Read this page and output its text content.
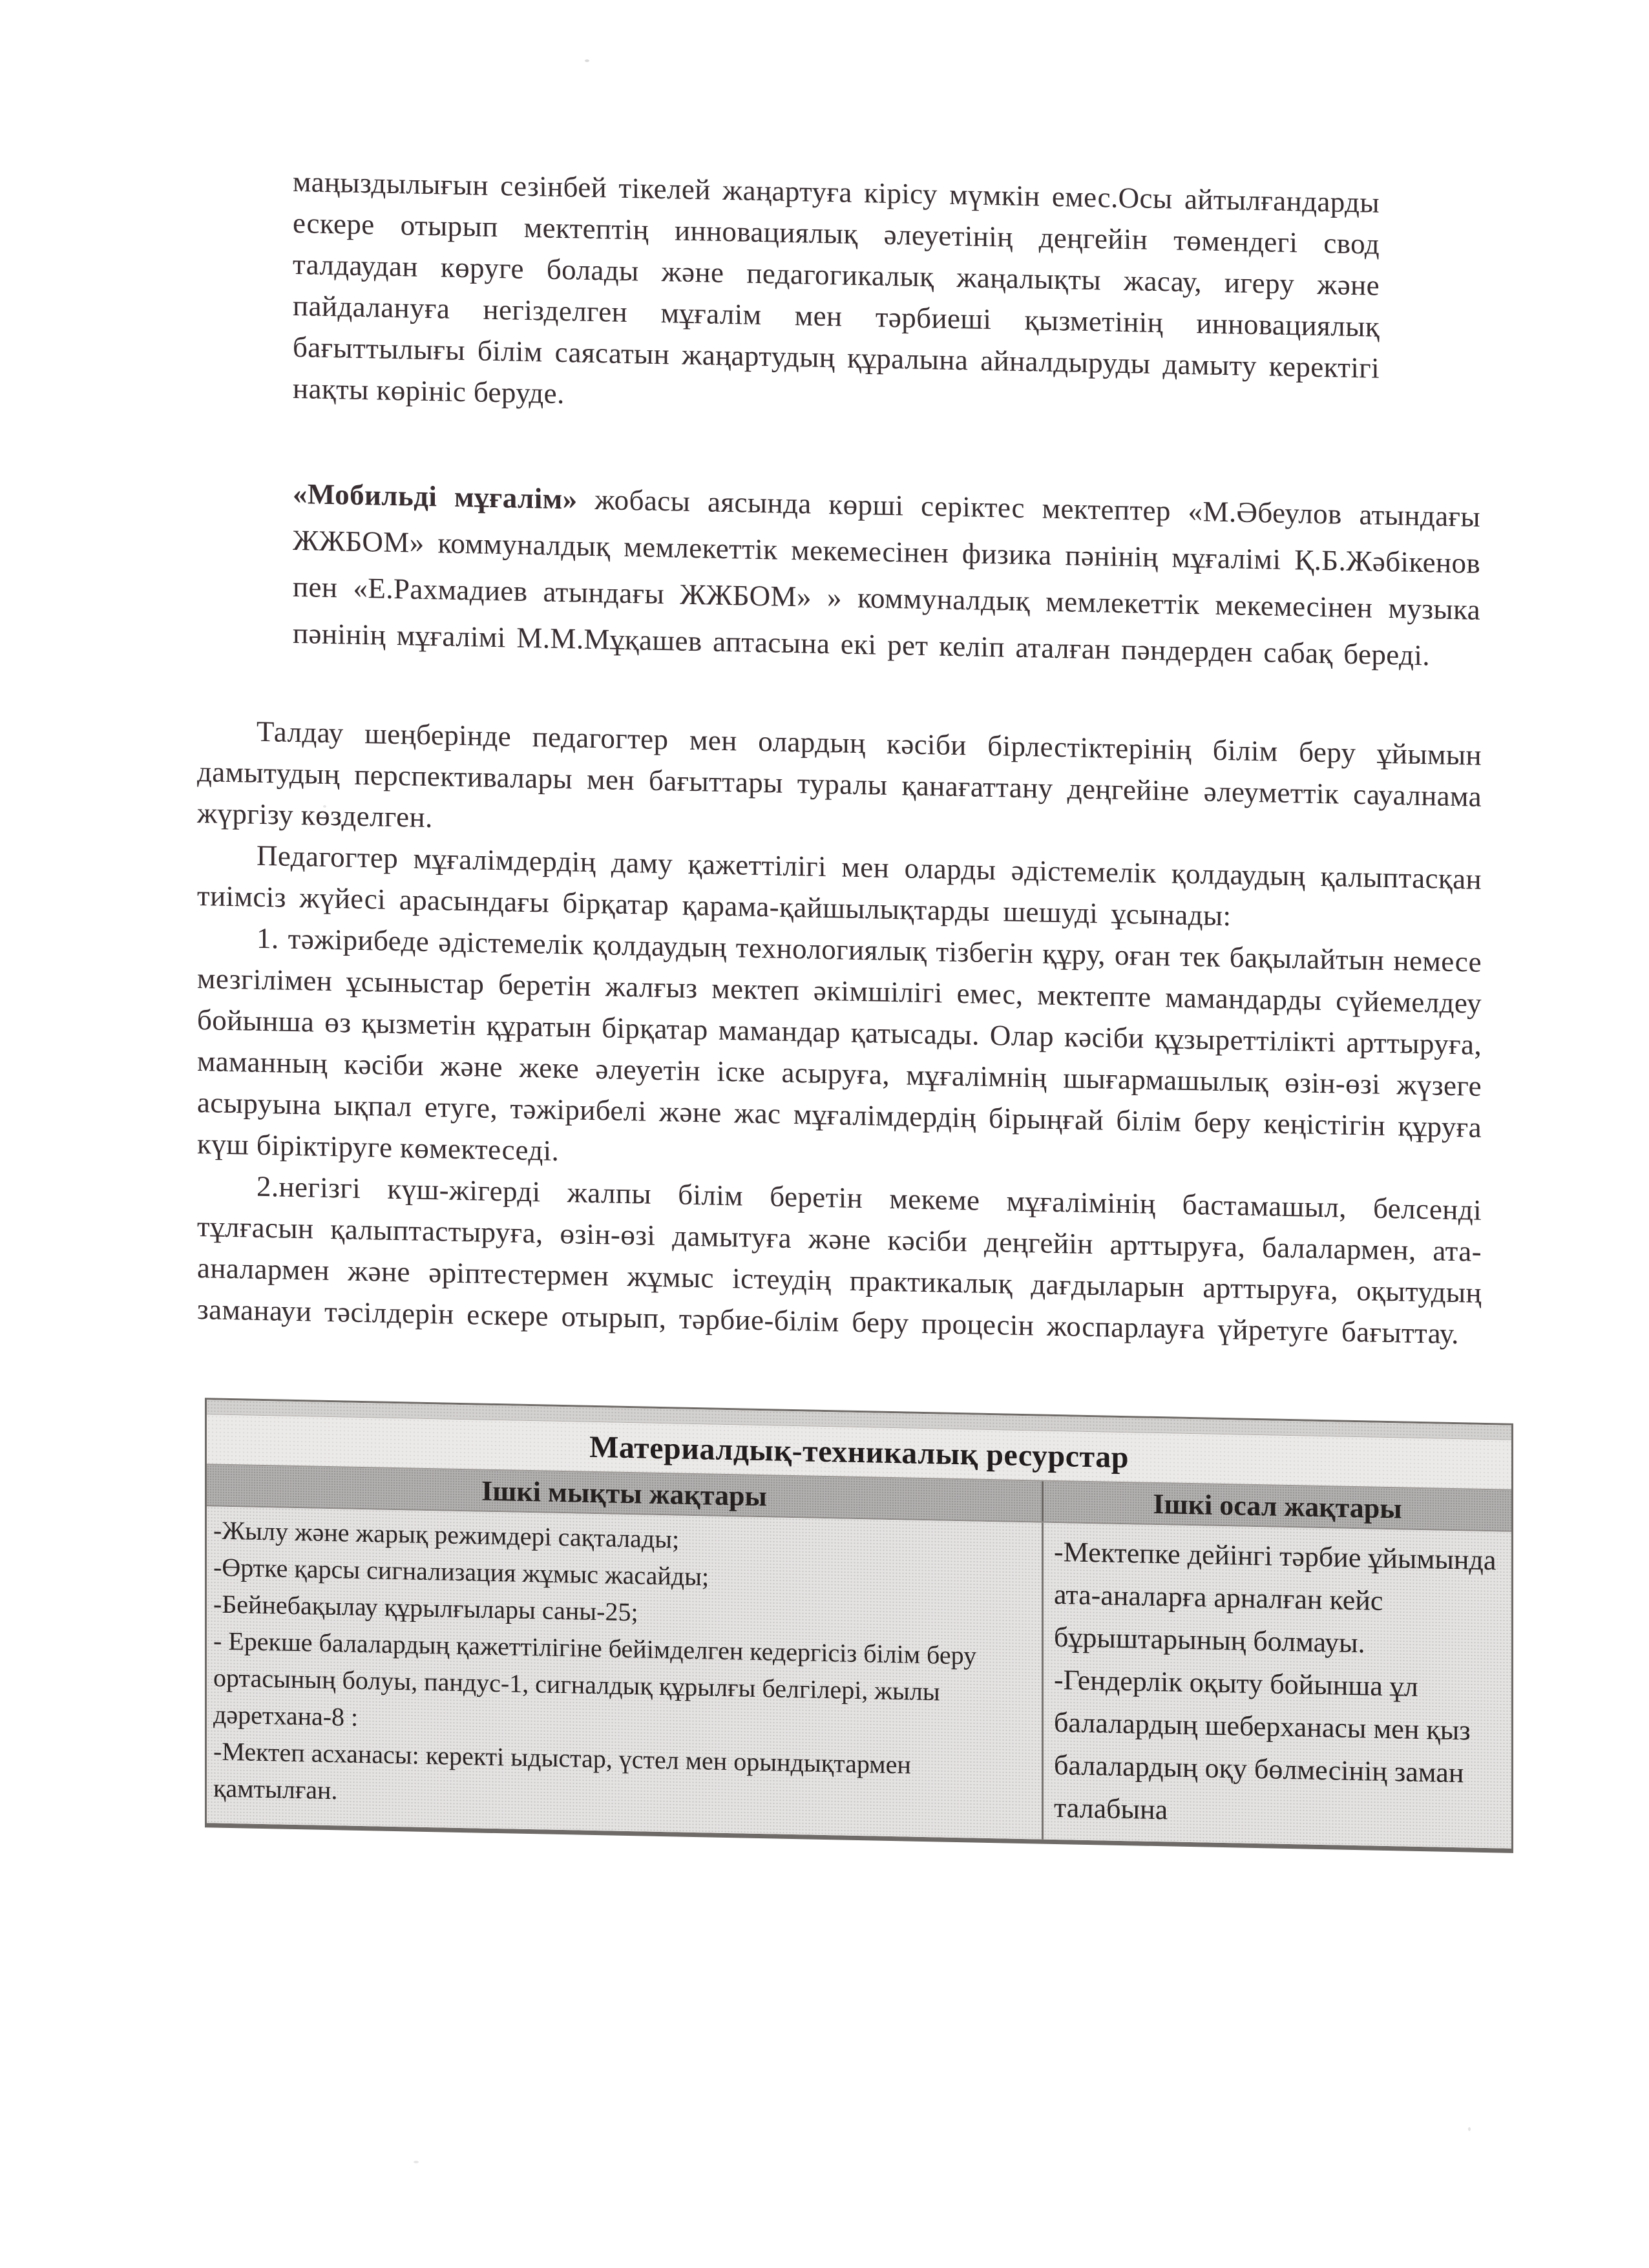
маңыздылығын сезінбей тікелей жаңартуға кірісу мүмкін емес.Осы айтылғандарды ескере отырып мектептің инновациялық әлеуетінің деңгейін төмендегі свод талдаудан көруге болады және педагогикалық жаңалықты жасау, игеру және пайдалануға негізделген мұғалім мен тәрбиеші қызметінің инновациялық бағыттылығы білім саясатын жаңартудың құралына айналдыруды дамыту керектігі нақты көрініс беруде.

«Мобильді мұғалім» жобасы аясында көрші серіктес мектептер «М.Әбеулов атындағы ЖЖБОМ» коммуналдық мемлекеттік мекемесінен физика пәнінің мұғалімі Қ.Б.Жәбікенов пен «Е.Рахмадиев атындағы ЖЖБОМ» » коммуналдық мемлекеттік мекемесінен музыка пәнінің мұғалімі М.М.Мұқашев аптасына екі рет келіп аталған пәндерден сабақ береді.

Талдау шеңберінде педагогтер мен олардың кәсіби бірлестіктерінің білім беру ұйымын дамытудың перспективалары мен бағыттары туралы қанағаттану деңгейіне әлеуметтік сауалнама жүргізу көзделген.

Педагогтер мұғалімдердің даму қажеттілігі мен оларды әдістемелік қолдаудың қалыптасқан тиімсіз жүйесі арасындағы бірқатар қарама-қайшылықтарды шешуді ұсынады:

1. тәжірибеде әдістемелік қолдаудың технологиялық тізбегін құру, оған тек бақылайтын немесе мезгілімен ұсыныстар беретін жалғыз мектеп әкімшілігі емес, мектепте мамандарды сүйемелдеу бойынша өз қызметін құратын бірқатар мамандар қатысады. Олар кәсіби құзыреттілікті арттыруға, маманның кәсіби және жеке әлеуетін іске асыруға, мұғалімнің шығармашылық өзін-өзі жүзеге асыруына ықпал етуге, тәжірибелі және жас мұғалімдердің бірыңғай білім беру кеңістігін құруға күш біріктіруге көмектеседі.

2.негізгі күш-жігерді жалпы білім беретін мекеме мұғалімінің бастамашыл, белсенді тұлғасын қалыптастыруға, өзін-өзі дамытуға және кәсіби деңгейін арттыруға, балалармен, ата-аналармен және әріптестермен жұмыс істеудің практикалық дағдыларын арттыруға, оқытудың заманауи тәсілдерін ескере отырып, тәрбие-білім беру процесін жоспарлауға үйретуге бағыттау.

Материалдық-техникалық ресурстар
Ішкі мықты жақтары	Ішкі осал жақтары

-Жылу және жарық режимдері сақталады;

-Өртке қарсы сигнализация жұмыс жасайды;

-Бейнебақылау құрылғылары саны-25;

- Ерекше балалардың қажеттілігіне бейімделген кедергісіз білім беру ортасының болуы, пандус-1, сигналдық құрылғы белгілері, жылы дәретхана-8 :

-Мектеп асханасы: керекті ыдыстар, үстел мен орындықтармен қамтылған.

-Мектепке дейінгі тәрбие ұйымында ата-аналарға арналған кейс бұрыштарының болмауы.

-Гендерлік оқыту бойынша ұл балалардың шеберханасы мен қыз балалардың оқу бөлмесінің заман талабына
